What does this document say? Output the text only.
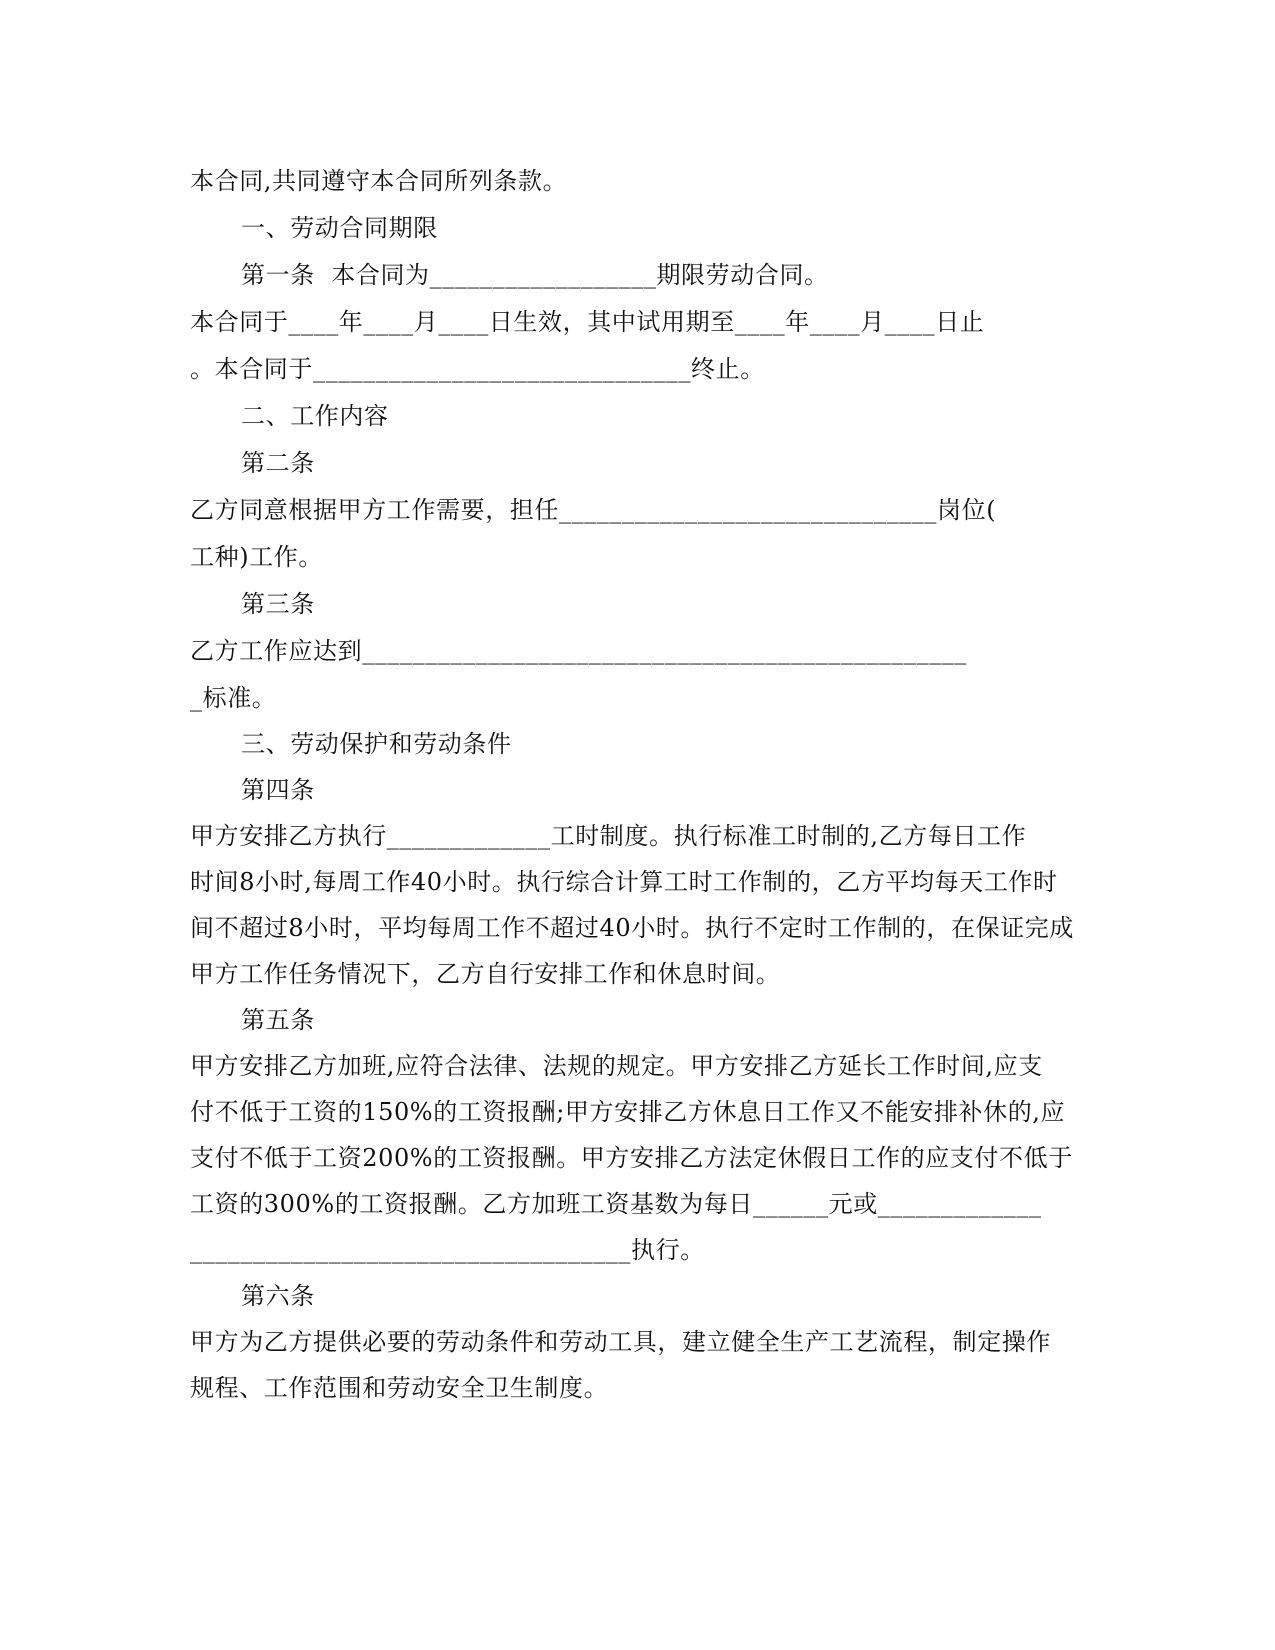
本合同,共同遵守本合同所列条款。
一、劳动合同期限
第一条  本合同为__________________期限劳动合同。
本合同于____年____月____日生效，其中试用期至____年____月____日止
。本合同于______________________________终止。
二、工作内容
第二条
乙方同意根据甲方工作需要，担任______________________________岗位(
工种)工作。
第三条
乙方工作应达到________________________________________________
_标准。
三、劳动保护和劳动条件
第四条
甲方安排乙方执行_____________工时制度。执行标准工时制的,乙方每日工作
时间8小时,每周工作40小时。执行综合计算工时工作制的，乙方平均每天工作时
间不超过8小时，平均每周工作不超过40小时。执行不定时工作制的，在保证完成
甲方工作任务情况下，乙方自行安排工作和休息时间。
第五条
甲方安排乙方加班,应符合法律、法规的规定。甲方安排乙方延长工作时间,应支
付不低于工资的150%的工资报酬;甲方安排乙方休息日工作又不能安排补休的,应
支付不低于工资200%的工资报酬。甲方安排乙方法定休假日工作的应支付不低于
工资的300%的工资报酬。乙方加班工资基数为每日______元或_____________
___________________________________执行。
第六条
甲方为乙方提供必要的劳动条件和劳动工具，建立健全生产工艺流程，制定操作
规程、工作范围和劳动安全卫生制度。
